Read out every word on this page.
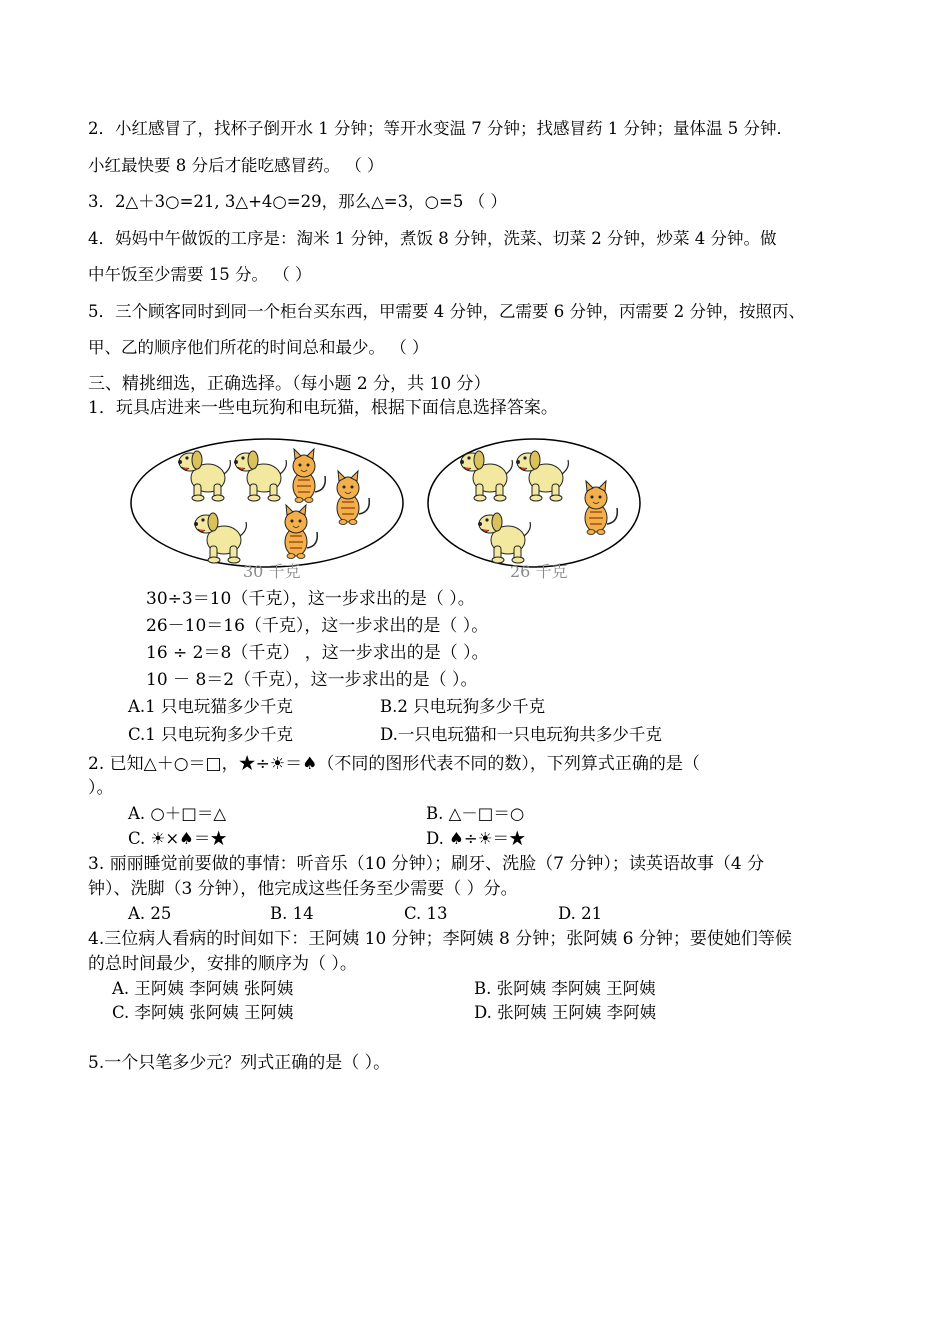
2．小红感冒了，找杯子倒开水 1 分钟；等开水变温 7 分钟；找感冒药 1 分钟；量体温 5 分钟．
小红最快要 8 分后才能吃感冒药。 （ ）
3．2△＋3○=21, 3△+4○=29，那么△=3，○=5 （ ）
4．妈妈中午做饭的工序是：淘米 1 分钟，煮饭 8 分钟，洗菜、切菜 2 分钟，炒菜 4 分钟。做
中午饭至少需要 15 分。 （ ）
5．三个顾客同时到同一个柜台买东西，甲需要 4 分钟，乙需要 6 分钟，丙需要 2 分钟，按照丙、
甲、乙的顺序他们所花的时间总和最少。 （ ）
三、精挑细选，正确选择。（每小题 2 分，共 10 分）
1．玩具店进来一些电玩狗和电玩猫，根据下面信息选择答案。
30 千克	26 千克
30÷3＝10（千克），这一步求出的是（ ）。
26－10＝16（千克），这一步求出的是（ ）。
16 ÷ 2＝8（千克） ，这一步求出的是（ ）。
10 － 8＝2（千克），这一步求出的是（ ）。
A.1 只电玩猫多少千克	B.2 只电玩狗多少千克
C.1 只电玩狗多少千克	D.一只电玩猫和一只电玩狗共多少千克
2. 已知△＋○＝□，★÷☀＝♠（不同的图形代表不同的数），下列算式正确的是（
）。
A. ○＋□＝△	B. △－□＝○
C. ☀×♠＝★	D. ♠÷☀＝★
3. 丽丽睡觉前要做的事情：听音乐（10 分钟）；刷牙、洗脸（7 分钟）；读英语故事（4 分
钟）、洗脚（3 分钟），他完成这些任务至少需要（ ）分。
A. 25	B. 14	C. 13	D. 21
4.三位病人看病的时间如下：王阿姨 10 分钟；李阿姨 8 分钟；张阿姨 6 分钟；要使她们等候
的总时间最少，安排的顺序为（ ）。
A. 王阿姨 李阿姨 张阿姨	B. 张阿姨 李阿姨 王阿姨
C. 李阿姨 张阿姨 王阿姨	D. 张阿姨 王阿姨 李阿姨
5.一个只笔多少元？列式正确的是（ ）。
